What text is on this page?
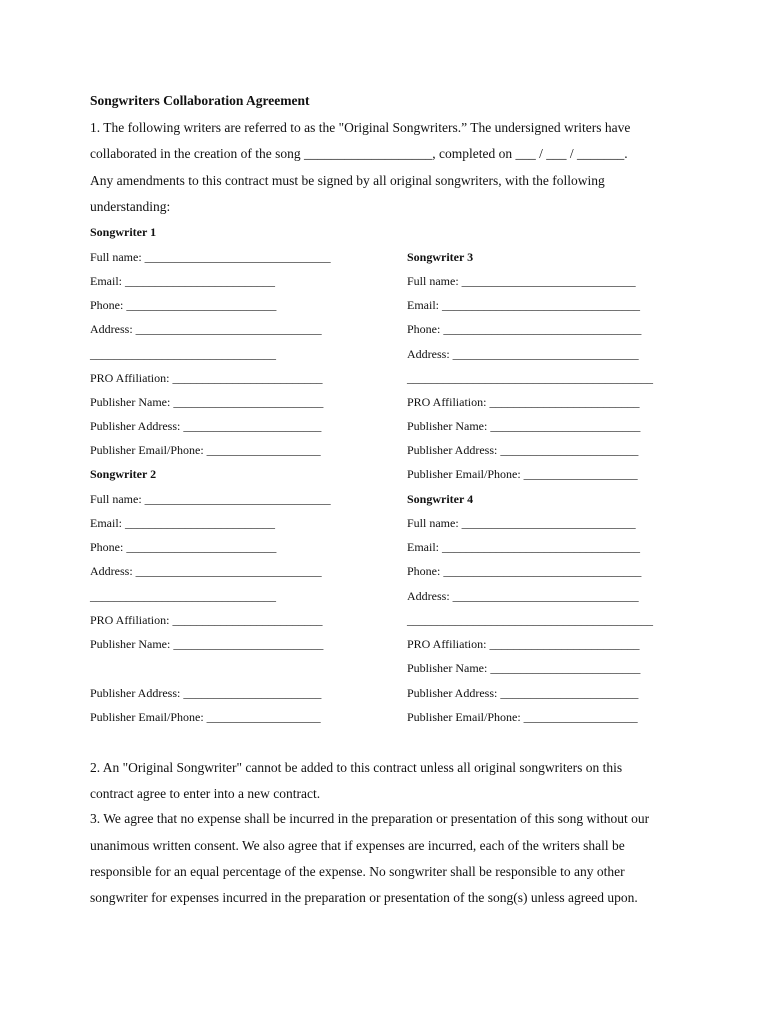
Songwriters Collaboration Agreement
1. The following writers are referred to as the "Original Songwriters.” The undersigned writers have
collaborated in the creation of the song ___________________, completed on ___ / ___ / _______.
Any amendments to this contract must be signed by all original songwriters, with the following
understanding:
Songwriter 1
Full name: _______________________________
Email: _________________________
Phone: _________________________
Address: _______________________________
_______________________________
PRO Affiliation: _________________________
Publisher Name: _________________________
Publisher Address: _______________________
Publisher Email/Phone: ___________________
Songwriter 2
Full name: _______________________________
Email: _________________________
Phone: _________________________
Address: _______________________________
_______________________________
PRO Affiliation: _________________________
Publisher Name: _________________________
Publisher Address: _______________________
Publisher Email/Phone: ___________________
Songwriter 3
Full name: _____________________________
Email: _________________________________
Phone: _________________________________
Address: _______________________________
_________________________________________
PRO Affiliation: _________________________
Publisher Name: _________________________
Publisher Address: _______________________
Publisher Email/Phone: ___________________
Songwriter 4
Full name: _____________________________
Email: _________________________________
Phone: _________________________________
Address: _______________________________
_________________________________________
PRO Affiliation: _________________________
Publisher Name: _________________________
Publisher Address: _______________________
Publisher Email/Phone: ___________________
2. An "Original Songwriter" cannot be added to this contract unless all original songwriters on this
contract agree to enter into a new contract.
3. We agree that no expense shall be incurred in the preparation or presentation of this song without our
unanimous written consent. We also agree that if expenses are incurred, each of the writers shall be
responsible for an equal percentage of the expense. No songwriter shall be responsible to any other
songwriter for expenses incurred in the preparation or presentation of the song(s) unless agreed upon.
